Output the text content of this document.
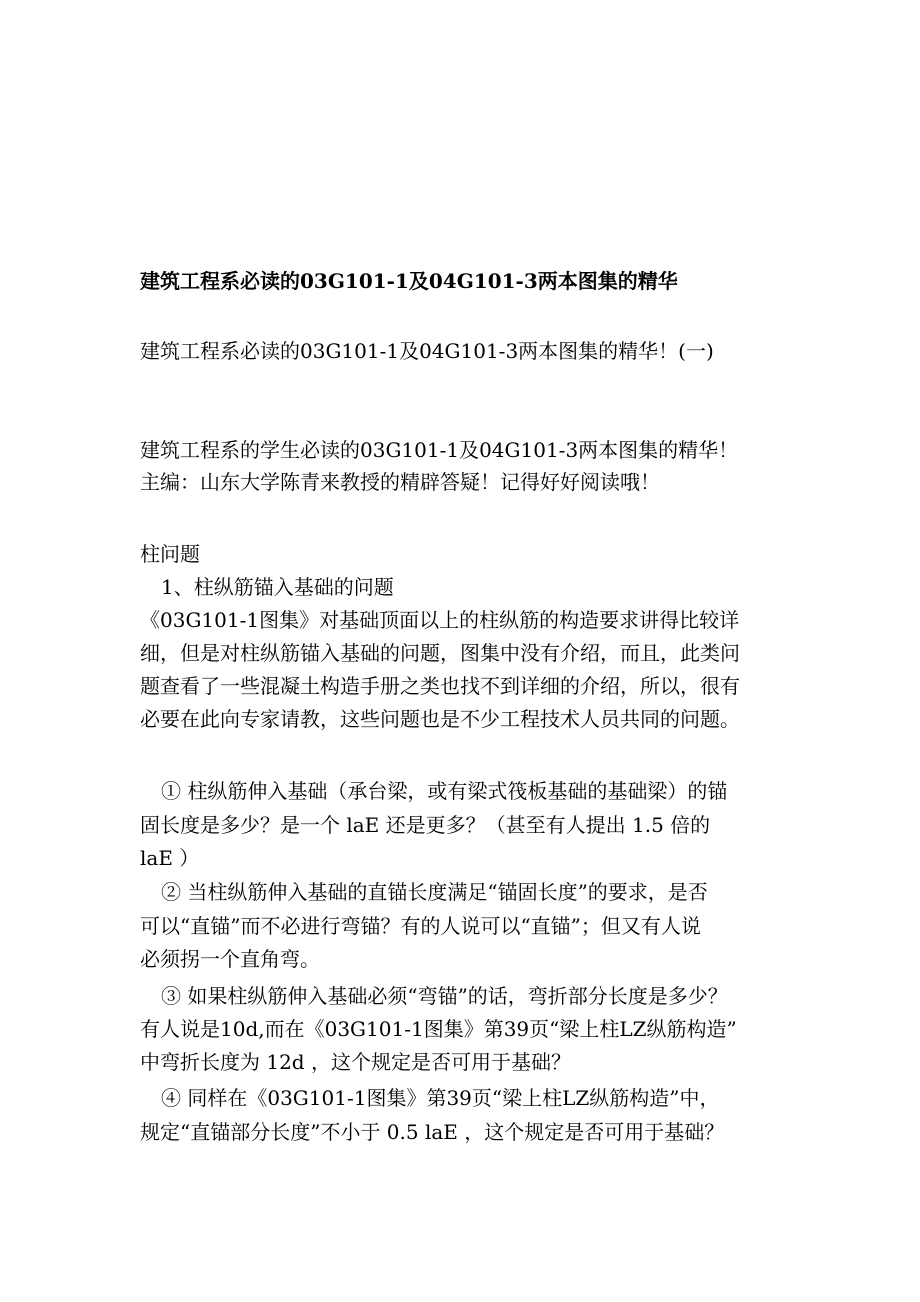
建筑工程系必读的03G101-1及04G101-3两本图集的精华
建筑工程系必读的03G101-1及04G101-3两本图集的精华！(一)
建筑工程系的学生必读的03G101-1及04G101-3两本图集的精华！
主编：山东大学陈青来教授的精辟答疑！记得好好阅读哦！
柱问题
1、柱纵筋锚入基础的问题
《03G101-1图集》对基础顶面以上的柱纵筋的构造要求讲得比较详
细，但是对柱纵筋锚入基础的问题，图集中没有介绍，而且，此类问
题查看了一些混凝土构造手册之类也找不到详细的介绍，所以，很有
必要在此向专家请教，这些问题也是不少工程技术人员共同的问题。
① 柱纵筋伸入基础（承台梁，或有梁式筏板基础的基础梁）的锚
固长度是多少？是一个 laE 还是更多？（甚至有人提出 1.5 倍的
laE ）
② 当柱纵筋伸入基础的直锚长度满足“锚固长度”的要求，是否
可以“直锚”而不必进行弯锚？有的人说可以“直锚”；但又有人说
必须拐一个直角弯。
③ 如果柱纵筋伸入基础必须“弯锚”的话，弯折部分长度是多少？
有人说是10d,而在《03G101-1图集》第39页“梁上柱LZ纵筋构造”
中弯折长度为 12d ，这个规定是否可用于基础？
④ 同样在《03G101-1图集》第39页“梁上柱LZ纵筋构造”中，
规定“直锚部分长度”不小于 0.5 laE ，这个规定是否可用于基础？
